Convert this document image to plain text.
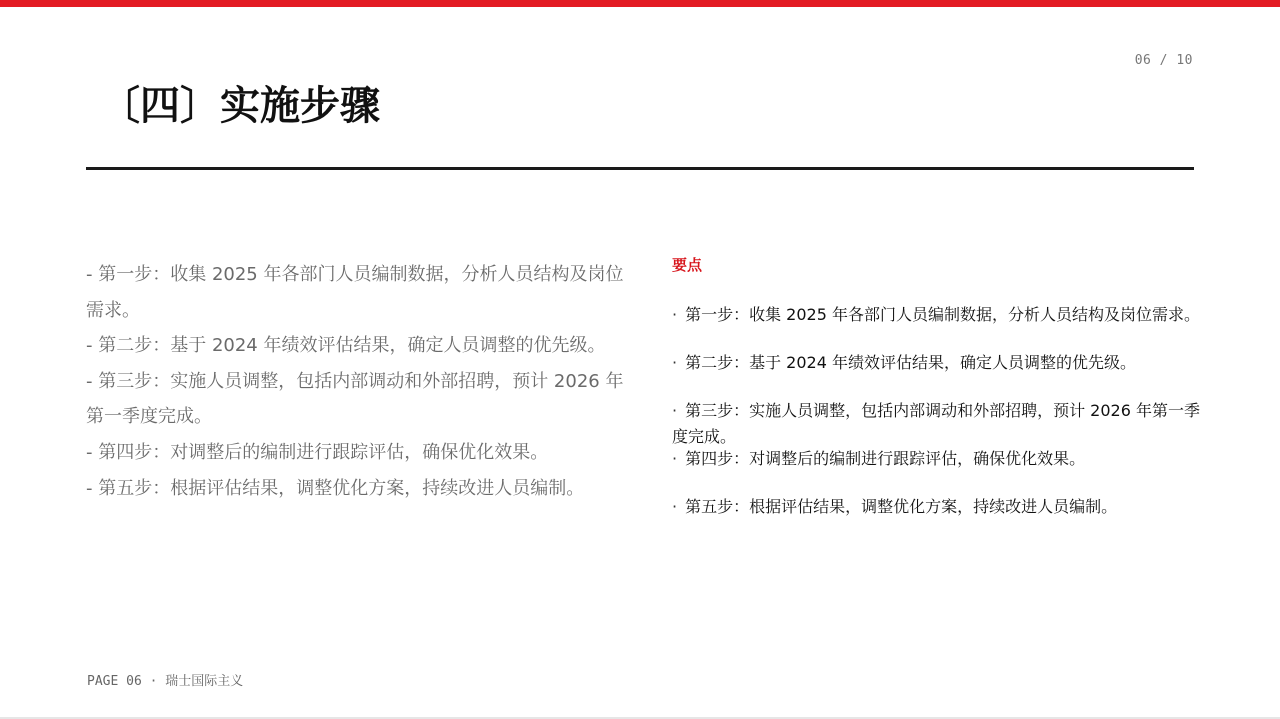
06 / 10
〔四〕实施步骤

- 第一步：收集 2025 年各部门人员编制数据，分析人员结构及岗位需求。

- 第二步：基于 2024 年绩效评估结果，确定人员调整的优先级。

- 第三步：实施人员调整，包括内部调动和外部招聘，预计 2026 年第一季度完成。

- 第四步：对调整后的编制进行跟踪评估，确保优化效果。

- 第五步：根据评估结果，调整优化方案，持续改进人员编制。

要点

· 第一步：收集 2025 年各部门人员编制数据，分析人员结构及岗位需求。

· 第二步：基于 2024 年绩效评估结果，确定人员调整的优先级。

· 第三步：实施人员调整，包括内部调动和外部招聘，预计 2026 年第一季度完成。

· 第四步：对调整后的编制进行跟踪评估，确保优化效果。

· 第五步：根据评估结果，调整优化方案，持续改进人员编制。

PAGE 06 · 瑞士国际主义
